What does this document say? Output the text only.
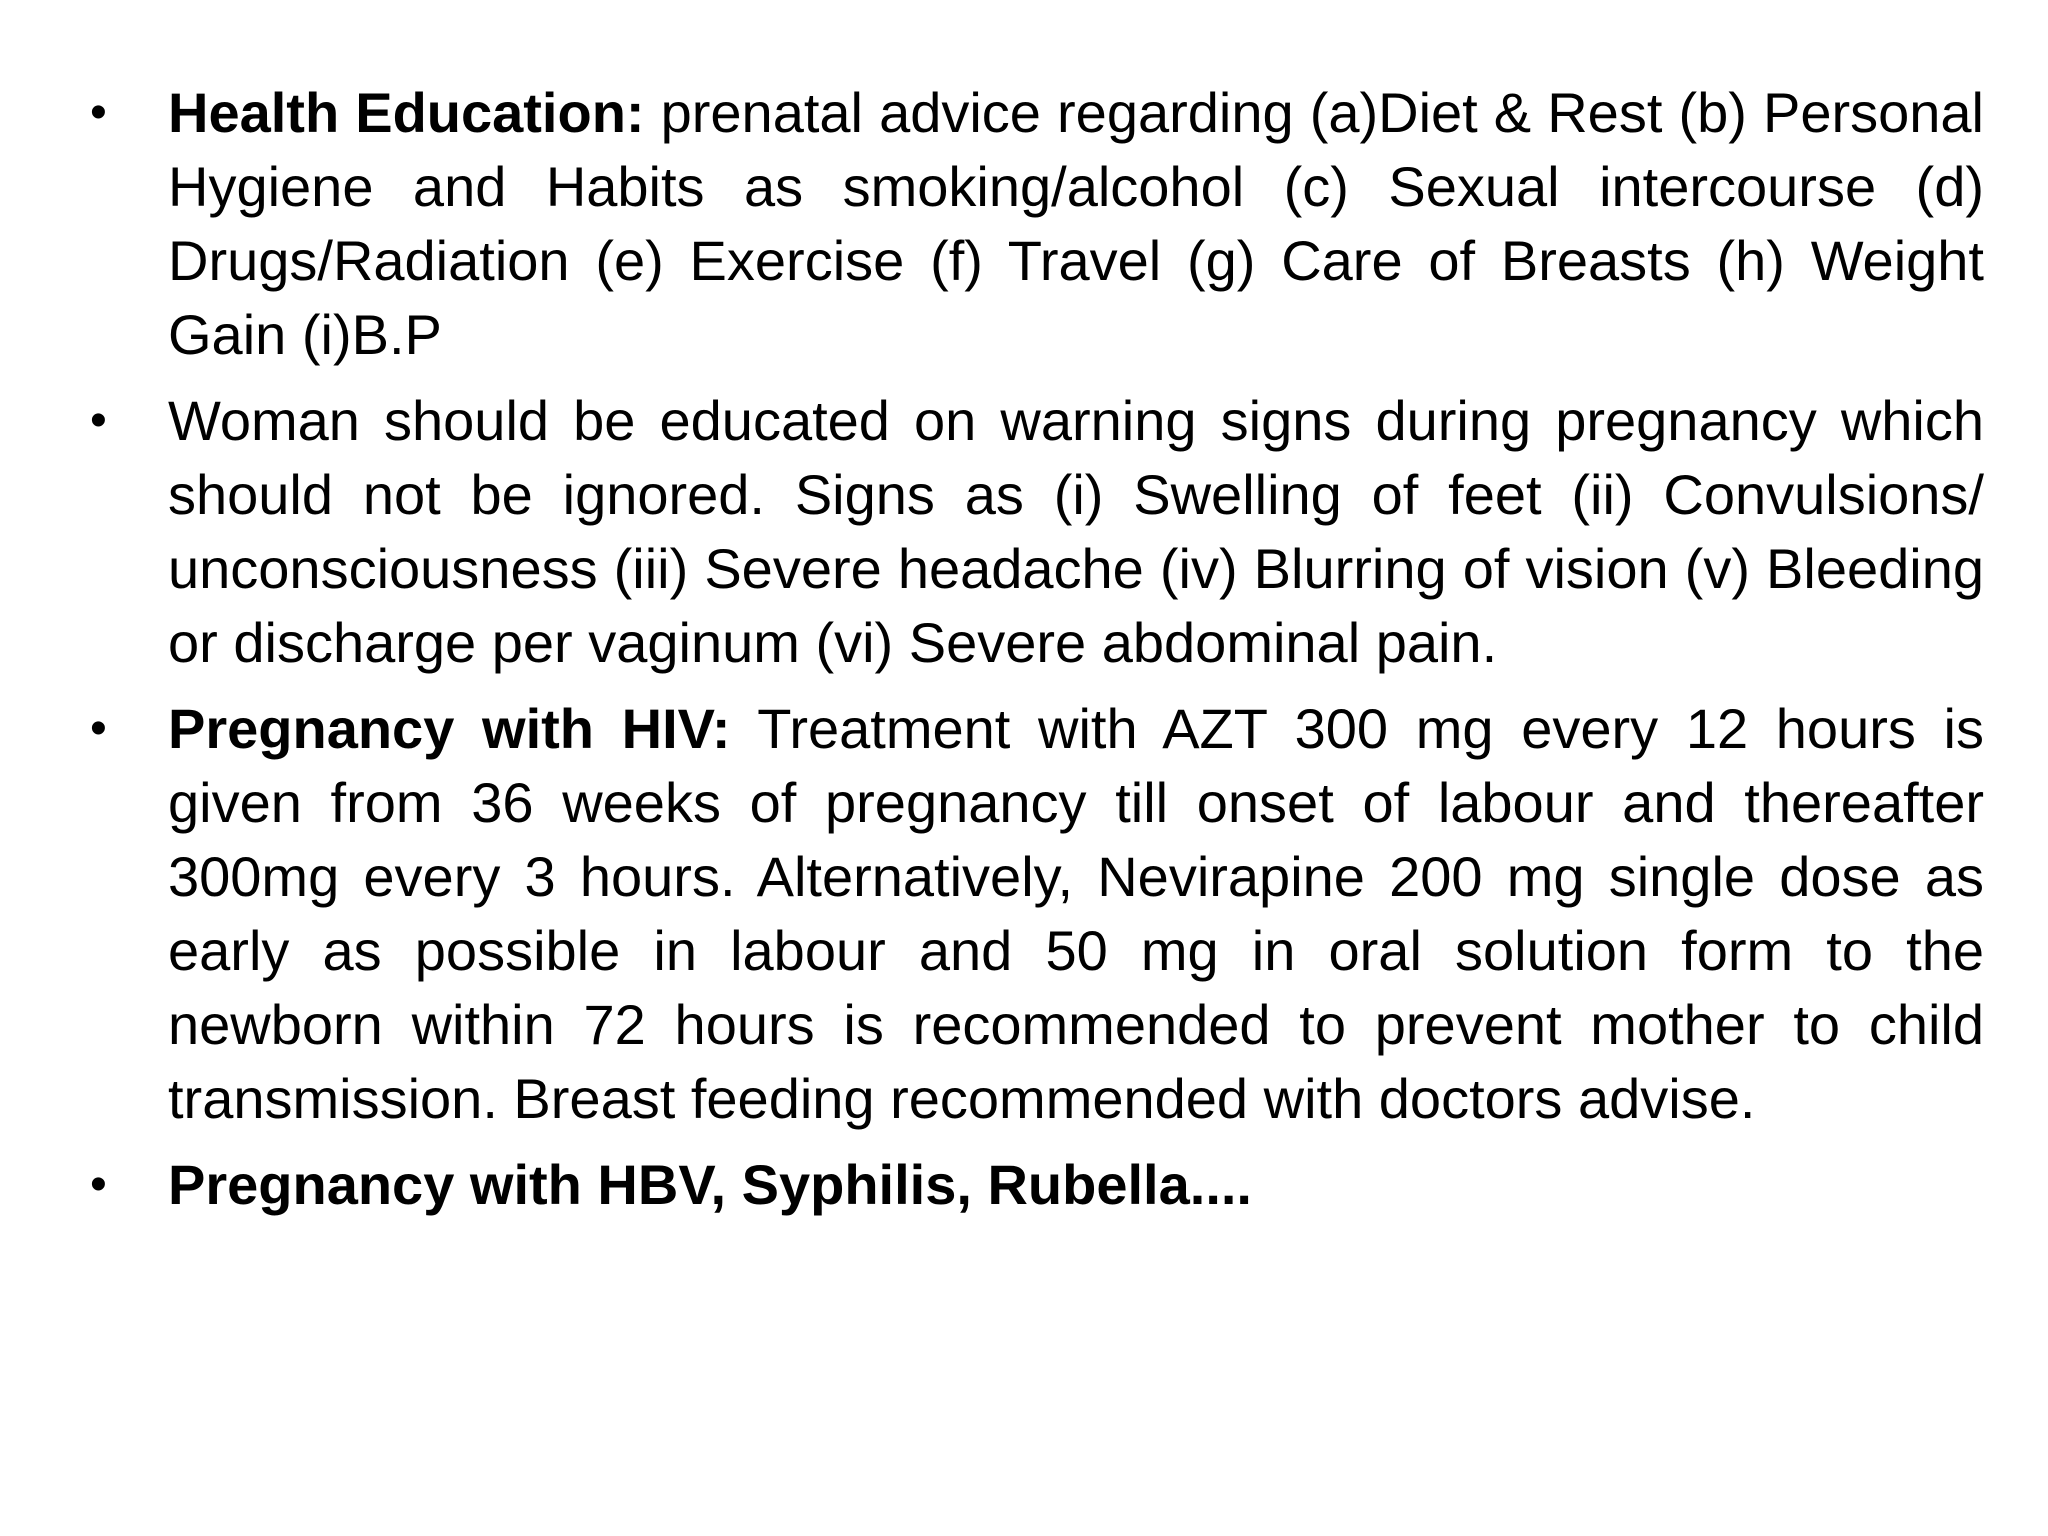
• Health Education: prenatal advice regarding (a)Diet & Rest (b) Personal Hygiene and Habits as smoking/alcohol (c) Sexual intercourse (d) Drugs/Radiation (e) Exercise (f) Travel (g) Care of Breasts (h) Weight Gain (i)B.P
• Woman should be educated on warning signs during pregnancy which should not be ignored. Signs as (i) Swelling of feet (ii) Convulsions/ unconsciousness (iii) Severe headache (iv) Blurring of vision (v) Bleeding or discharge per vaginum (vi) Severe abdominal pain.
• Pregnancy with HIV: Treatment with AZT 300 mg every 12 hours is given from 36 weeks of pregnancy till onset of labour and thereafter 300mg every 3 hours. Alternatively, Nevirapine 200 mg single dose as early as possible in labour and 50 mg in oral solution form to the newborn within 72 hours is recommended to prevent mother to child transmission. Breast feeding recommended with doctors advise.
• Pregnancy with HBV, Syphilis, Rubella....
